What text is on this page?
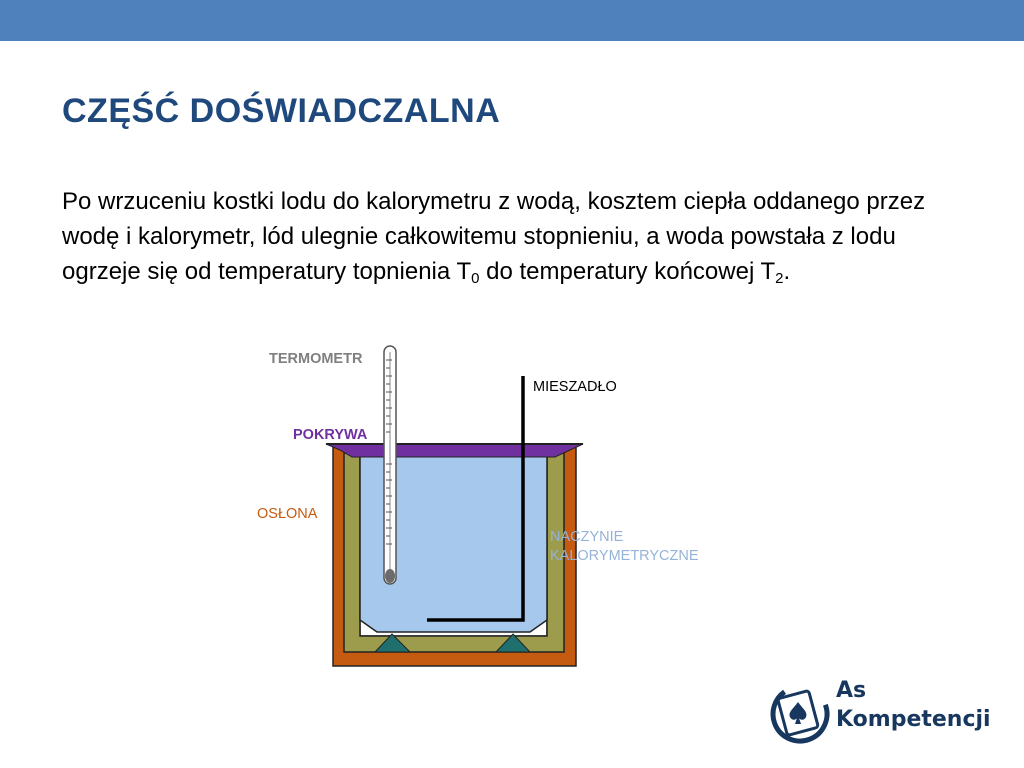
CZĘŚĆ DOŚWIADCZALNA

Po wrzuceniu kostki lodu do kalorymetru z wodą, kosztem ciepła oddanego przez wodę i kalorymetr, lód ulegnie całkowitemu stopnieniu, a woda powstała z lodu ogrzeje się od temperatury topnienia $T_0$ do temperatury końcowej $T_2$.

TERMOMETR
MIESZADŁO
POKRYWA
OSŁONA
NACZYNIE
KALORYMETRYCZNE
As
Kompetencji
